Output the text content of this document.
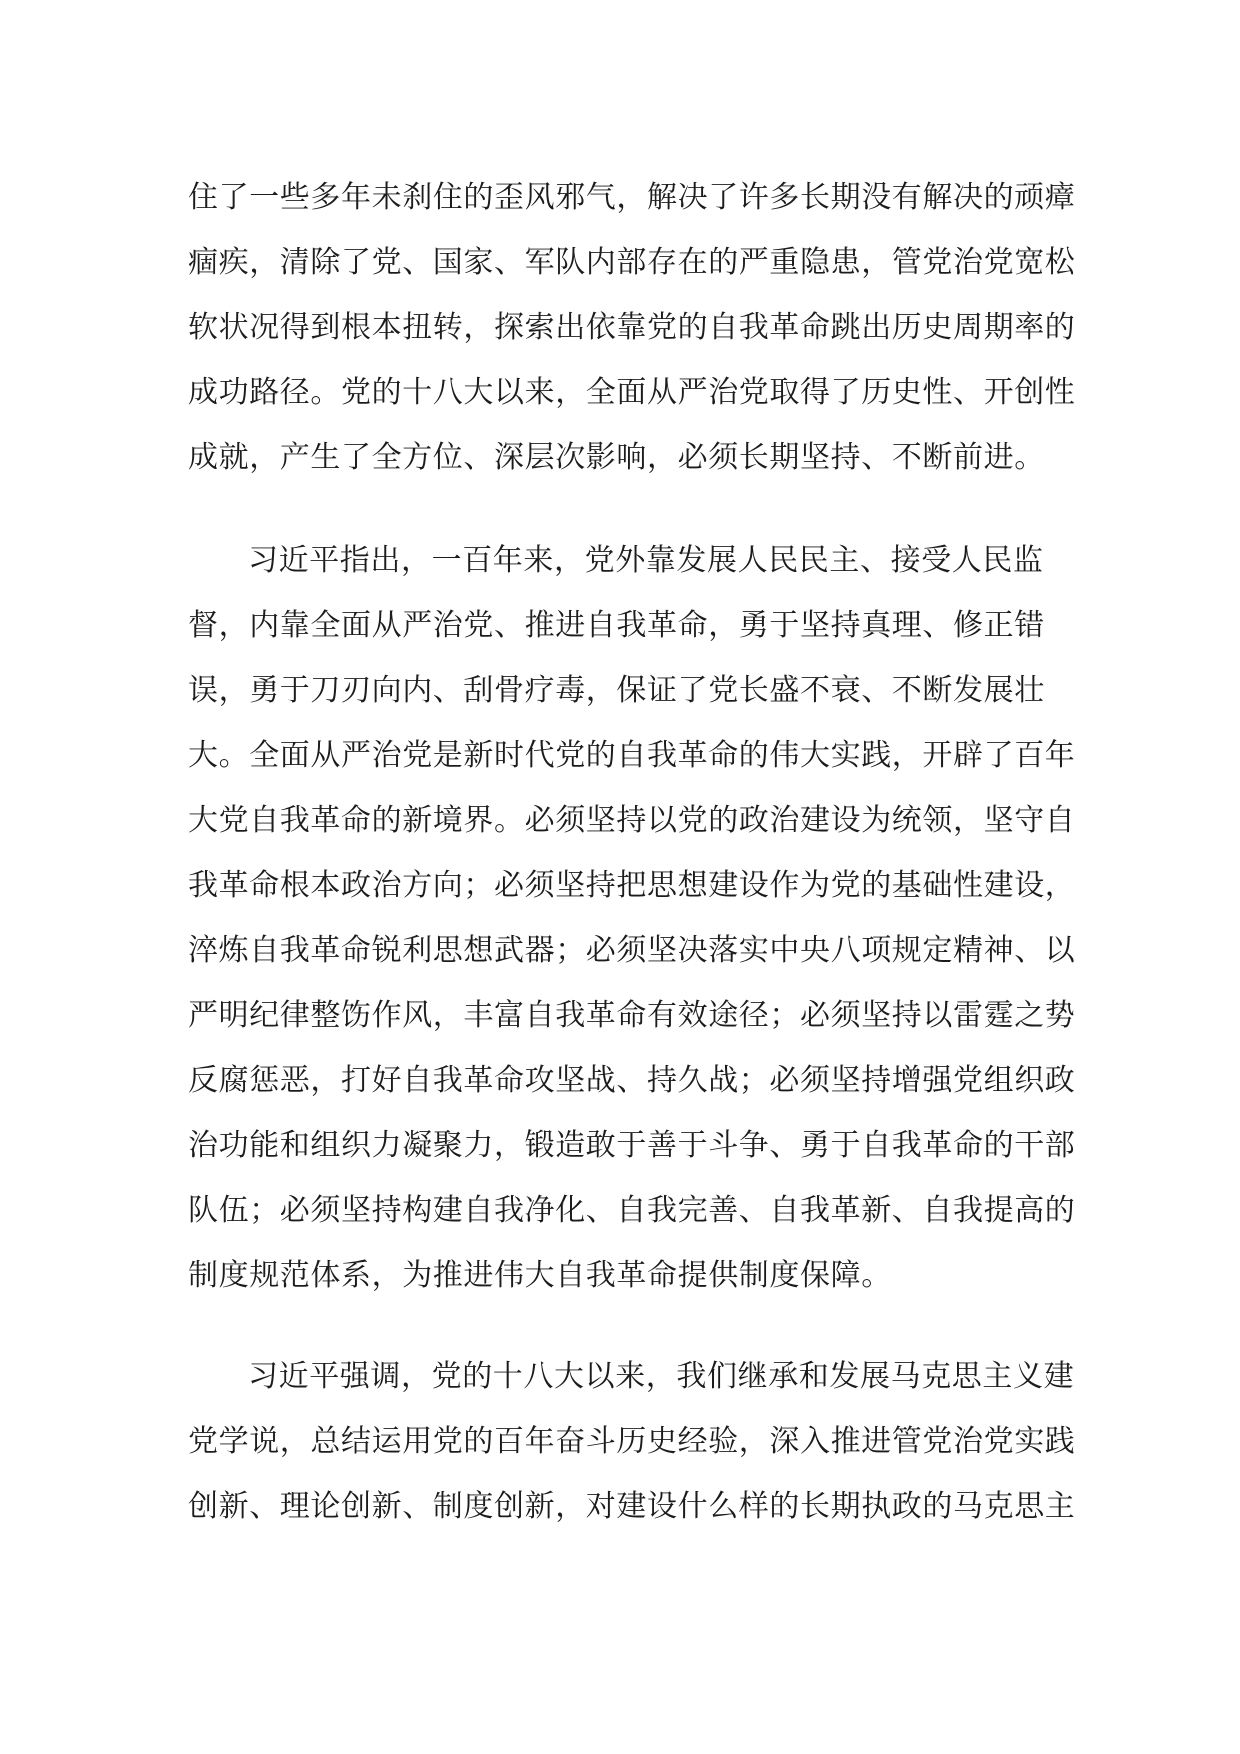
住了一些多年未刹住的歪风邪气，解决了许多长期没有解决的顽瘴
痼疾，清除了党、国家、军队内部存在的严重隐患，管党治党宽松
软状况得到根本扭转，探索出依靠党的自我革命跳出历史周期率的
成功路径。党的十八大以来，全面从严治党取得了历史性、开创性
成就，产生了全方位、深层次影响，必须长期坚持、不断前进。
习近平指出，一百年来，党外靠发展人民民主、接受人民监
督，内靠全面从严治党、推进自我革命，勇于坚持真理、修正错
误，勇于刀刃向内、刮骨疗毒，保证了党长盛不衰、不断发展壮
大。全面从严治党是新时代党的自我革命的伟大实践，开辟了百年
大党自我革命的新境界。必须坚持以党的政治建设为统领，坚守自
我革命根本政治方向；必须坚持把思想建设作为党的基础性建设，
淬炼自我革命锐利思想武器；必须坚决落实中央八项规定精神、以
严明纪律整饬作风，丰富自我革命有效途径；必须坚持以雷霆之势
反腐惩恶，打好自我革命攻坚战、持久战；必须坚持增强党组织政
治功能和组织力凝聚力，锻造敢于善于斗争、勇于自我革命的干部
队伍；必须坚持构建自我净化、自我完善、自我革新、自我提高的
制度规范体系，为推进伟大自我革命提供制度保障。
习近平强调，党的十八大以来，我们继承和发展马克思主义建
党学说，总结运用党的百年奋斗历史经验，深入推进管党治党实践
创新、理论创新、制度创新，对建设什么样的长期执政的马克思主
